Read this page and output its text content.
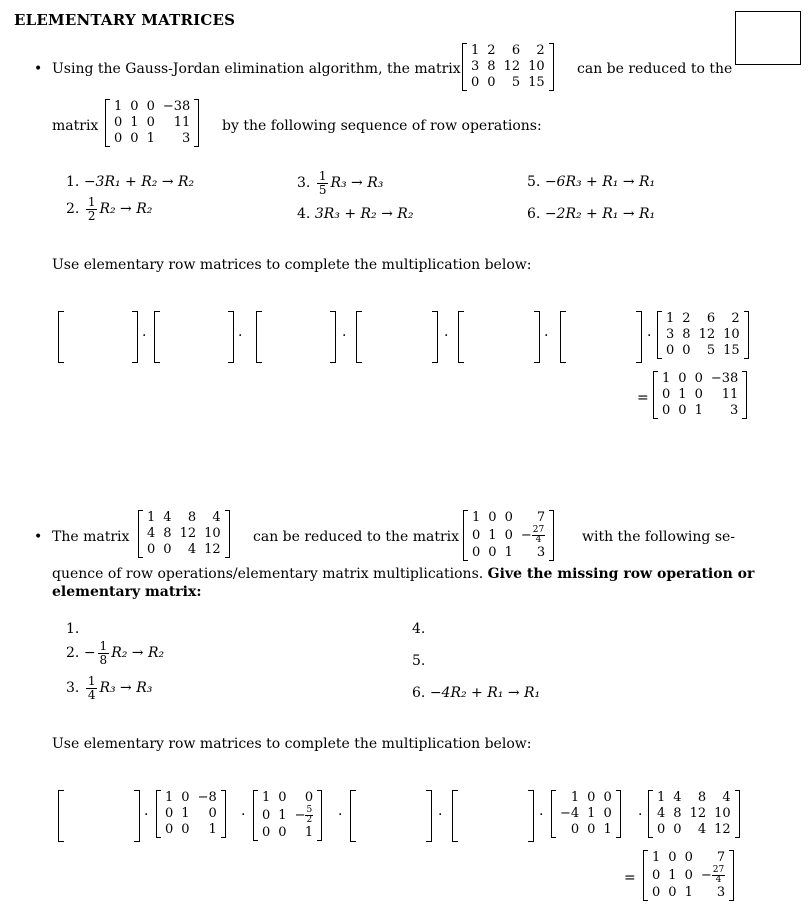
ELEMENTARY MATRICES
• Using the Gauss-Jordan elimination algorithm, the matrix
1	2	6	2
3	8	12	10
0	0	5	15
can be reduced to the
matrix
1	0	0	−38
0	1	0	11
0	0	1	3
by the following sequence of row operations:
1. −3R₁ + R₂ → R₂
2. $\frac{1}{2} R_2 \to R_2$
3. $\frac{1}{5} R_3 \to R_3$
4. 3R₃ + R₂ → R₂
5. −6R₃ + R₁ → R₁
6. −2R₂ + R₁ → R₁
Use elementary row matrices to complete the multiplication below:
·	·	·	·	·	·
1	2	6	2
3	8	12	10
0	0	5	15
=
1	0	0	−38
0	1	0	11
0	0	1	3
• The matrix
1	4	8	4
4	8	12	10
0	0	4	12
can be reduced to the matrix
1	0	0	7
0	1	0	− $\frac{27}{4}$

0	0	1	3
with the following se-
quence of row operations/elementary matrix multiplications. Give the missing row operation or
elementary matrix:
1.
2. − $\frac{1}{8} R_2 \to R_2$
3. $\frac{1}{4} R_3 \to R_3$
4.
5.
6. −4R₂ + R₁ → R₁
Use elementary row matrices to complete the multiplication below:
·
1	0	−8
0	1	0
0	0	1
·
1	0	0
0	1	− $\frac{5}{2}$

0	0	1
·	·	·
1	0	0
−4	1	0
0	0	1
·
1	4	8	4
4	8	12	10
0	0	4	12
=
1	0	0	7
0	1	0	− $\frac{27}{4}$

0	0	1	3
